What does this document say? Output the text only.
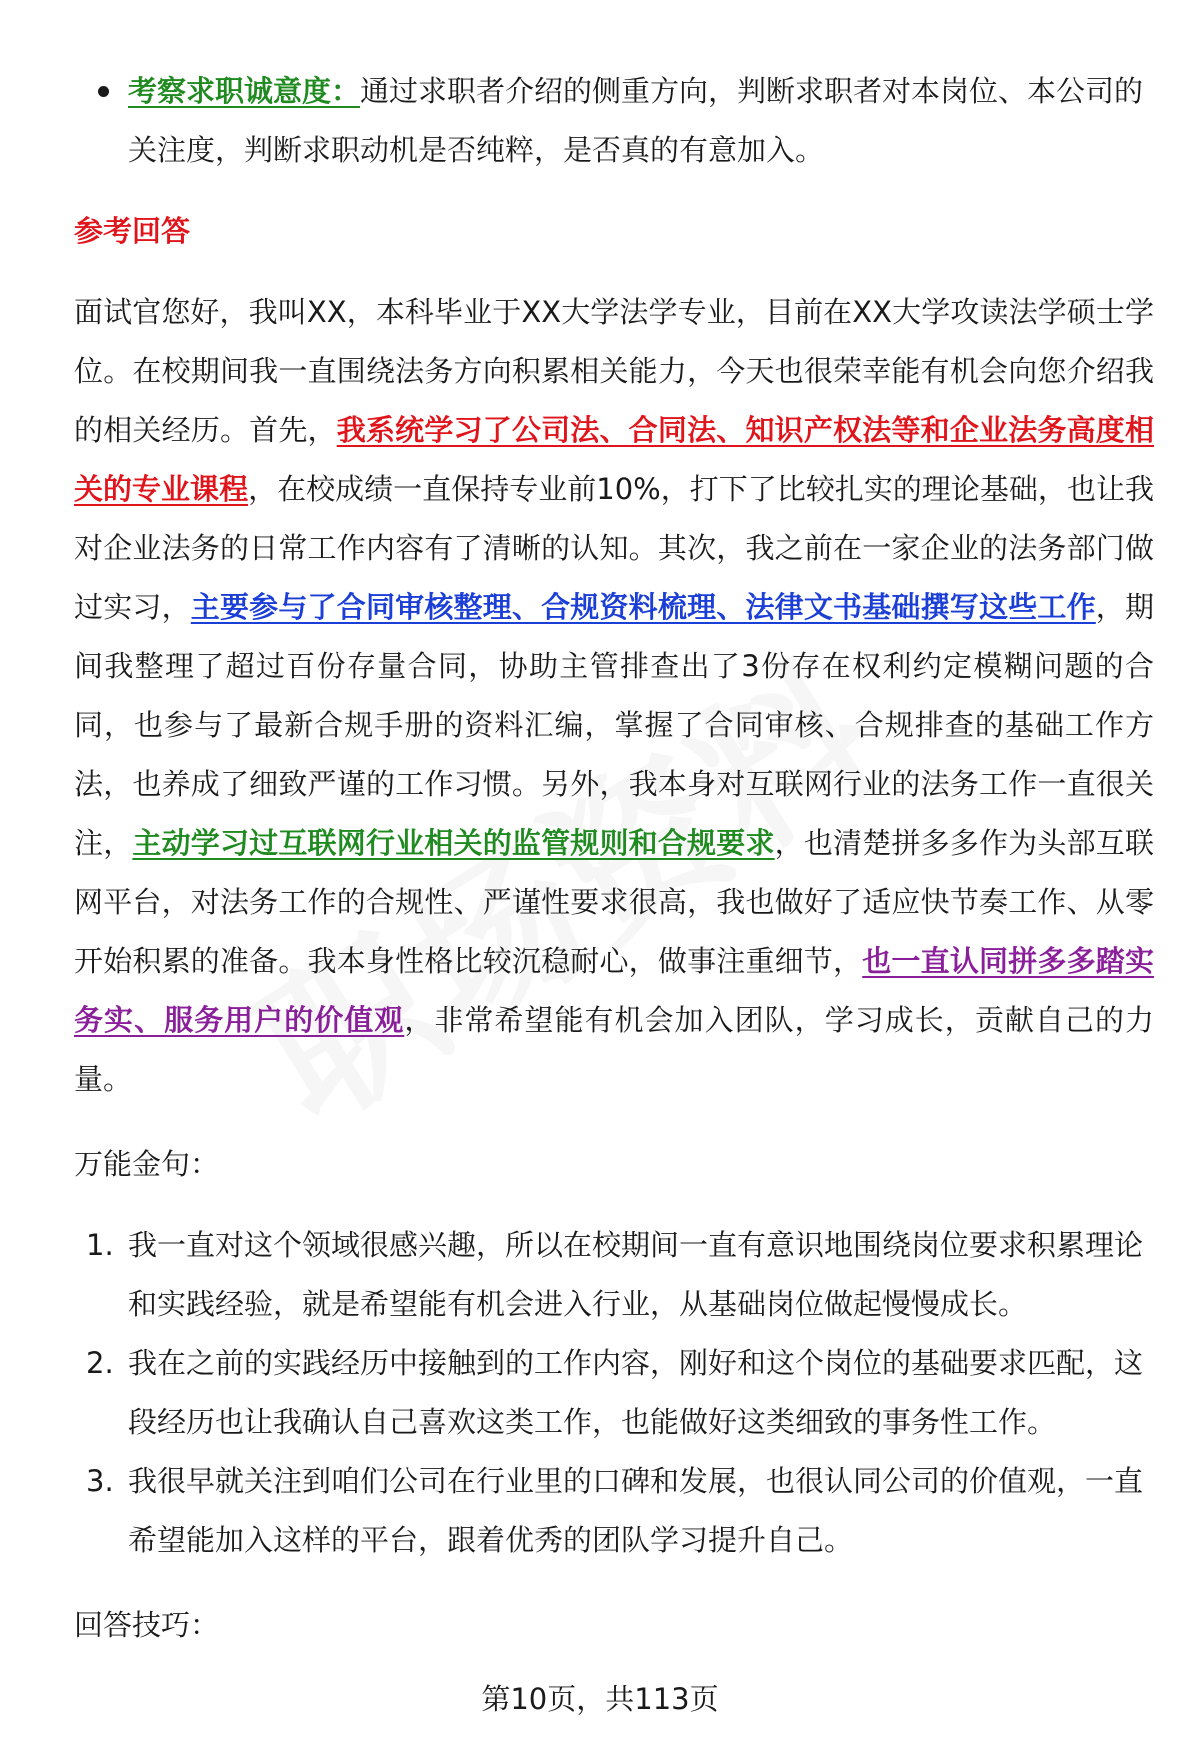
考察求职诚意度：通过求职者介绍的侧重方向，判断求职者对本岗位、本公司的关注度，判断求职动机是否纯粹，是否真的有意加入。
参考回答
面试官您好，我叫XX，本科毕业于XX大学法学专业，目前在XX大学攻读法学硕士学位。在校期间我一直围绕法务方向积累相关能力，今天也很荣幸能有机会向您介绍我的相关经历。首先，我系统学习了公司法、合同法、知识产权法等和企业法务高度相关的专业课程，在校成绩一直保持专业前10%，打下了比较扎实的理论基础，也让我对企业法务的日常工作内容有了清晰的认知。其次，我之前在一家企业的法务部门做过实习，主要参与了合同审核整理、合规资料梳理、法律文书基础撰写这些工作，期间我整理了超过百份存量合同，协助主管排查出了3份存在权利约定模糊问题的合同，也参与了最新合规手册的资料汇编，掌握了合同审核、合规排查的基础工作方法，也养成了细致严谨的工作习惯。另外，我本身对互联网行业的法务工作一直很关注，主动学习过互联网行业相关的监管规则和合规要求，也清楚拼多多作为头部互联网平台，对法务工作的合规性、严谨性要求很高，我也做好了适应快节奏工作、从零开始积累的准备。我本身性格比较沉稳耐心，做事注重细节，也一直认同拼多多踏实务实、服务用户的价值观，非常希望能有机会加入团队，学习成长，贡献自己的力量。
万能金句：
1. 我一直对这个领域很感兴趣，所以在校期间一直有意识地围绕岗位要求积累理论和实践经验，就是希望能有机会进入行业，从基础岗位做起慢慢成长。
2. 我在之前的实践经历中接触到的工作内容，刚好和这个岗位的基础要求匹配，这段经历也让我确认自己喜欢这类工作，也能做好这类细致的事务性工作。
3. 我很早就关注到咱们公司在行业里的口碑和发展，也很认同公司的价值观，一直希望能加入这样的平台，跟着优秀的团队学习提升自己。
回答技巧：
第10页，共113页
